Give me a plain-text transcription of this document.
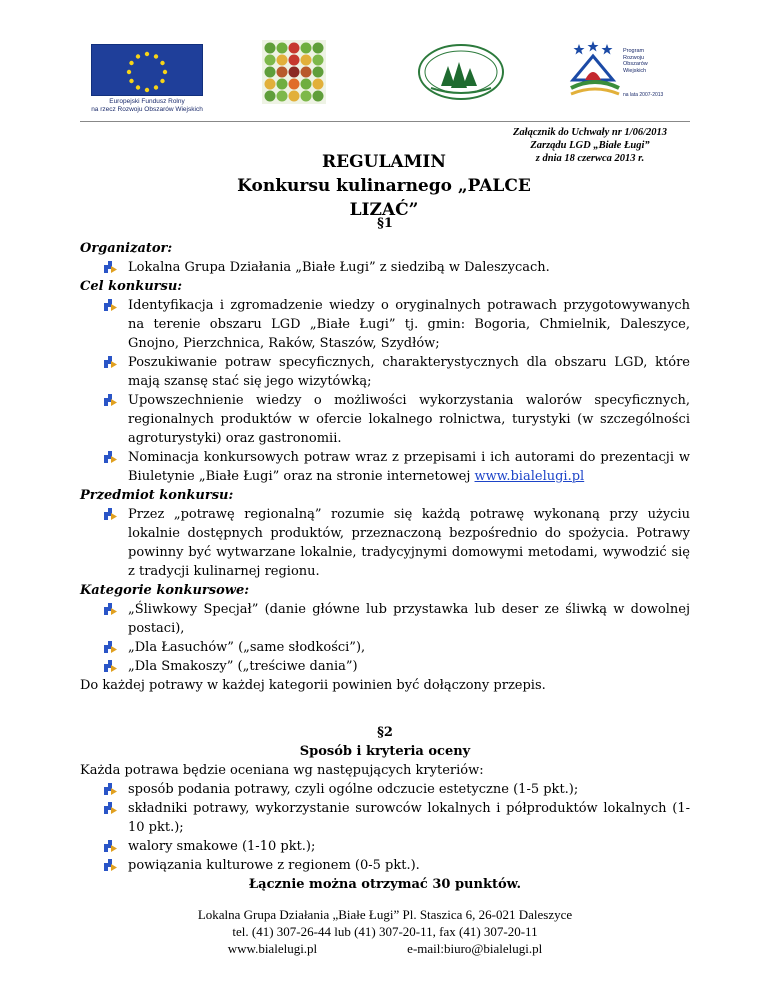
Europejski Fundusz Rolny
na rzecz Rozwoju Obszarów Wiejskich
Program
Rozwoju
Obszarów
Wiejskich
na lata 2007-2013
Załącznik do Uchwały nr 1/06/2013
Zarządu LGD „Białe Ługi”
z dnia 18 czerwca 2013 r.
REGULAMIN
Konkursu kulinarnego „PALCE LIZAĆ”

§1

Organizator:

Lokalna Grupa Działania „Białe Ługi” z siedzibą w Daleszycach.

Cel konkursu:

Identyfikacja i zgromadzenie wiedzy o oryginalnych potrawach przygotowywanych na terenie obszaru LGD „Białe Ługi” tj. gmin: Bogoria, Chmielnik, Daleszyce, Gnojno, Pierzchnica, Raków, Staszów, Szydłów;
Poszukiwanie potraw specyficznych, charakterystycznych dla obszaru LGD, które mają szansę stać się jego wizytówką;
Upowszechnienie wiedzy o możliwości wykorzystania walorów specyficznych, regionalnych produktów w ofercie lokalnego rolnictwa, turystyki (w szczególności agroturystyki) oraz gastronomii.
Nominacja konkursowych potraw wraz z przepisami i ich autorami do prezentacji w Biuletynie „Białe Ługi” oraz na stronie internetowej www.bialelugi.pl

Przedmiot konkursu:

Przez „potrawę regionalną” rozumie się każdą potrawę wykonaną przy użyciu lokalnie dostępnych produktów, przeznaczoną bezpośrednio do spożycia. Potrawy powinny być wytwarzane lokalnie, tradycyjnymi domowymi metodami, wywodzić się z tradycji kulinarnej regionu.

Kategorie konkursowe:

„Śliwkowy Specjał” (danie główne lub przystawka lub deser ze śliwką w dowolnej postaci),
„Dla Łasuchów” („same słodkości”),
„Dla Smakoszy” („treściwe dania”)

Do każdej potrawy w każdej kategorii powinien być dołączony przepis.

§2

Sposób i kryteria oceny

Każda potrawa będzie oceniana wg następujących kryteriów:

sposób podania potrawy, czyli ogólne odczucie estetyczne (1-5 pkt.);
składniki potrawy, wykorzystanie surowców lokalnych i półproduktów lokalnych (1-10 pkt.);
walory smakowe (1-10 pkt.);
powiązania kulturowe z regionem (0-5 pkt.).

Łącznie można otrzymać 30 punktów.

Lokalna Grupa Działania „Białe Ługi” Pl. Staszica 6, 26-021 Daleszyce
tel. (41) 307-26-44 lub (41) 307-20-11, fax (41) 307-20-11
www.bialelugi.pl	e-mail:biuro@bialelugi.pl
